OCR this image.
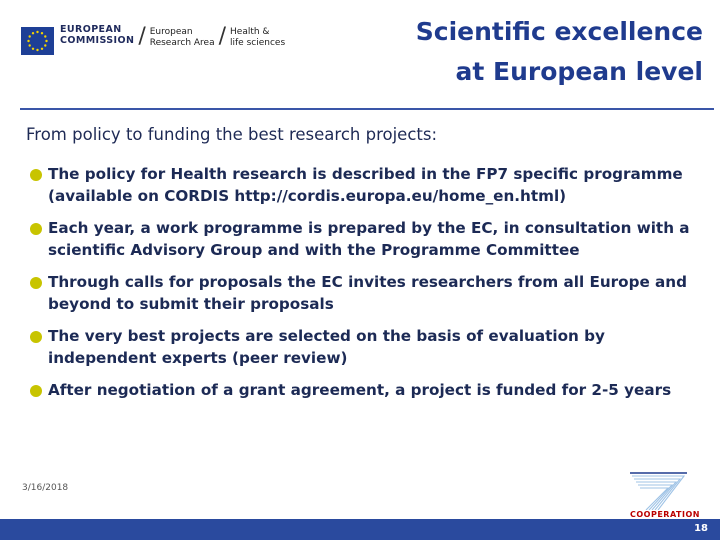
EUROPEAN
COMMISSION / European
Research Area / Health &
life sciences	Scientific excellence
at European level
From policy to funding the best research projects:
The policy for Health research is described in the FP7 specific programme (available on CORDIS http://cordis.europa.eu/home_en.html)
Each year, a work programme is prepared by the EC, in consultation with a scientific Advisory Group and with the Programme Committee
Through calls for proposals the EC invites researchers from all Europe and beyond to submit their proposals
The very best projects are selected on the basis of evaluation by independent experts (peer review)
After negotiation of a grant agreement, a project is funded for 2-5 years
3/16/2018
COOPERATION
18
